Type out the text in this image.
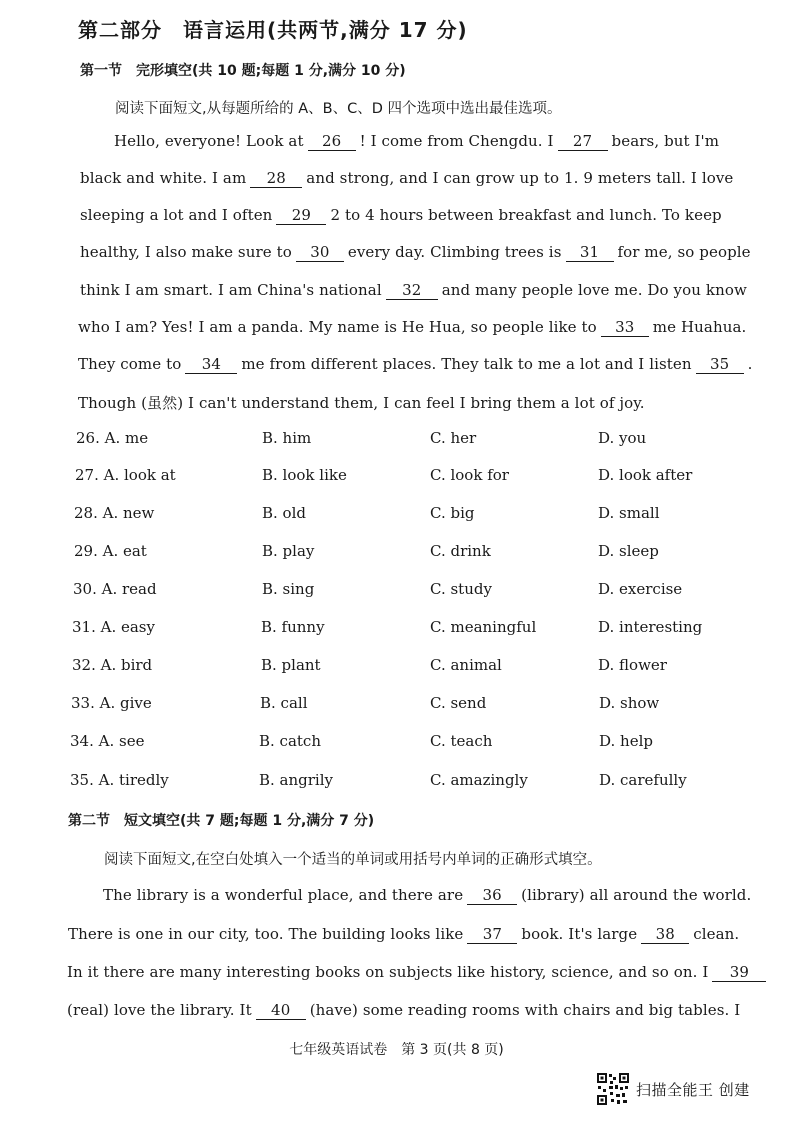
第二部分　语言运用(共两节,满分 17 分)
第一节　完形填空(共 10 题;每题 1 分,满分 10 分)
阅读下面短文,从每题所给的 A、B、C、D 四个选项中选出最佳选项。
Hello, everyone! Look at 26 ! I come from Chengdu. I 27 bears, but I'm
black and white. I am 28 and strong, and I can grow up to 1. 9 meters tall. I love
sleeping a lot and I often 29 2 to 4 hours between breakfast and lunch. To keep
healthy, I also make sure to 30 every day. Climbing trees is 31 for me, so people
think I am smart. I am China's national 32 and many people love me. Do you know
who I am? Yes! I am a panda. My name is He Hua, so people like to 33 me Huahua.
They come to 34 me from different places. They talk to me a lot and I listen 35 .
Though (虽然) I can't understand them, I can feel I bring them a lot of joy.
26. A. me	B. him	C. her	D. you
27. A. look at	B. look like	C. look for	D. look after
28. A. new	B. old	C. big	D. small
29. A. eat	B. play	C. drink	D. sleep
30. A. read	B. sing	C. study	D. exercise
31. A. easy	B. funny	C. meaningful	D. interesting
32. A. bird	B. plant	C. animal	D. flower
33. A. give	B. call	C. send	D. show
34. A. see	B. catch	C. teach	D. help
35. A. tiredly	B. angrily	C. amazingly	D. carefully
第二节　短文填空(共 7 题;每题 1 分,满分 7 分)
阅读下面短文,在空白处填入一个适当的单词或用括号内单词的正确形式填空。
The library is a wonderful place, and there are 36 (library) all around the world.
There is one in our city, too. The building looks like 37 book. It's large 38 clean.
In it there are many interesting books on subjects like history, science, and so on. I 39
(real) love the library. It 40 (have) some reading rooms with chairs and big tables. I
七年级英语试卷　第 3 页(共 8 页)
扫描全能王 创建
